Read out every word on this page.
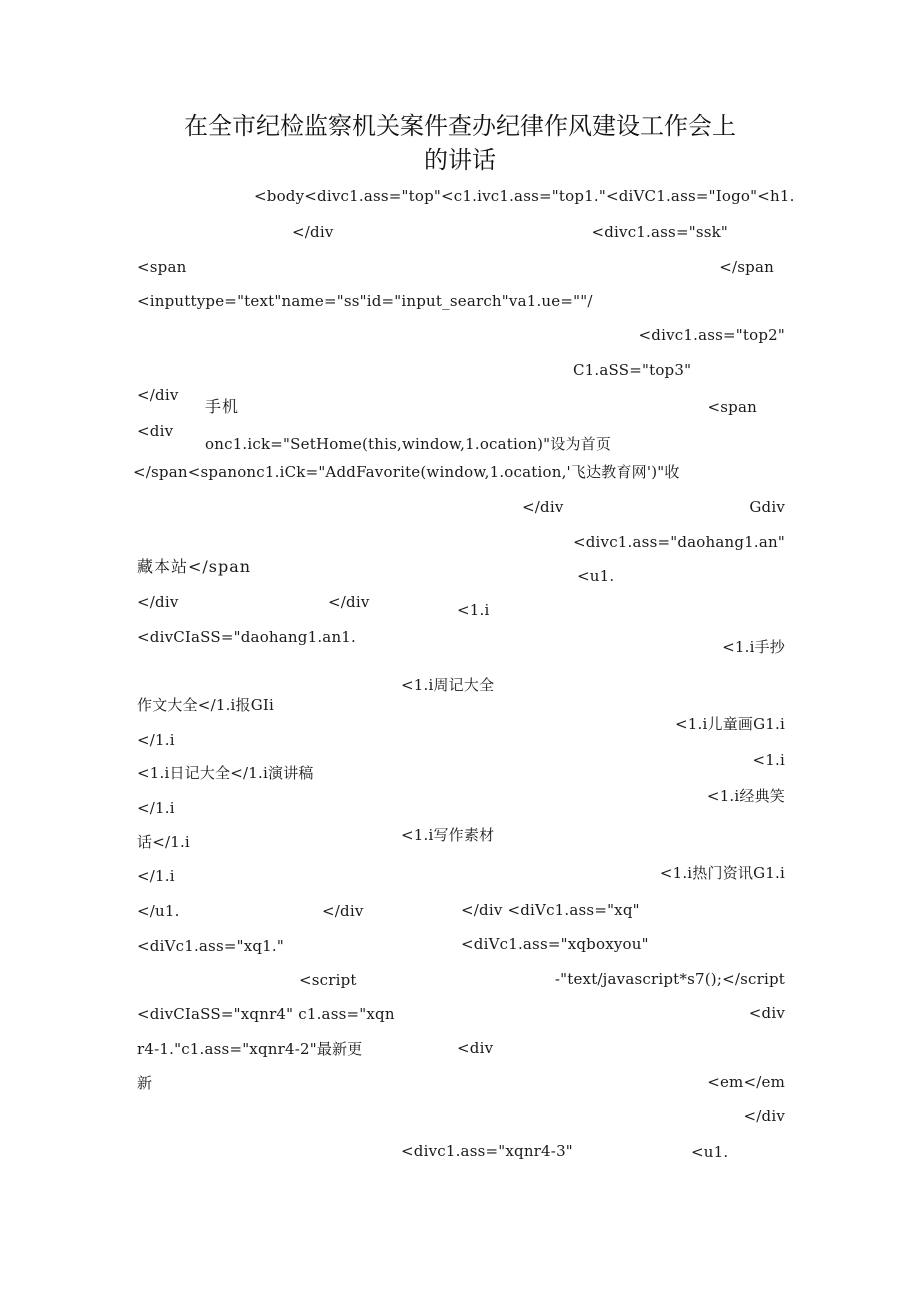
在全市纪检监察机关案件查办纪律作风建设工作会上
的讲话
<body<divc1.ass="top"<c1.ivc1.ass="top1."<diVC1.ass="Iogo"<h1.
</div	<divc1.ass="ssk"
<span	</span
<inputtype="text"name="ss"id="input_search"va1.ue=""/
<divc1.ass="top2"
C1.aSS="top3"
</div
手机	<span
<div
onc1.ick="SetHome(this,window,1.ocation)"设为首页
</span<spanonc1.iCk="AddFavorite(window,1.ocation,'飞达教育网')"收
</div	Gdiv
<divc1.ass="daohang1.an"
藏本站</span	<u1.
</div	</div	<1.i
<divCIaSS="daohang1.an1.
<1.i手抄
<1.i周记大全
作文大全</1.i报GIi
<1.i儿童画G1.i
</1.i
<1.i
<1.i日记大全</1.i演讲稿
</1.i
<1.i经典笑
话</1.i	<1.i写作素材
</1.i	<1.i热门资讯G1.i
</u1.	</div	</div <diVc1.ass="xq"
<diVc1.ass="xq1."	<diVc1.ass="xqboxyou"
<script	-"text/javascript*s7();</script
<divCIaSS="xqnr4" c1.ass="xqn	<div
r4-1."c1.ass="xqnr4-2"最新更	<div
新	<em</em
</div
<divc1.ass="xqnr4-3"	<u1.
